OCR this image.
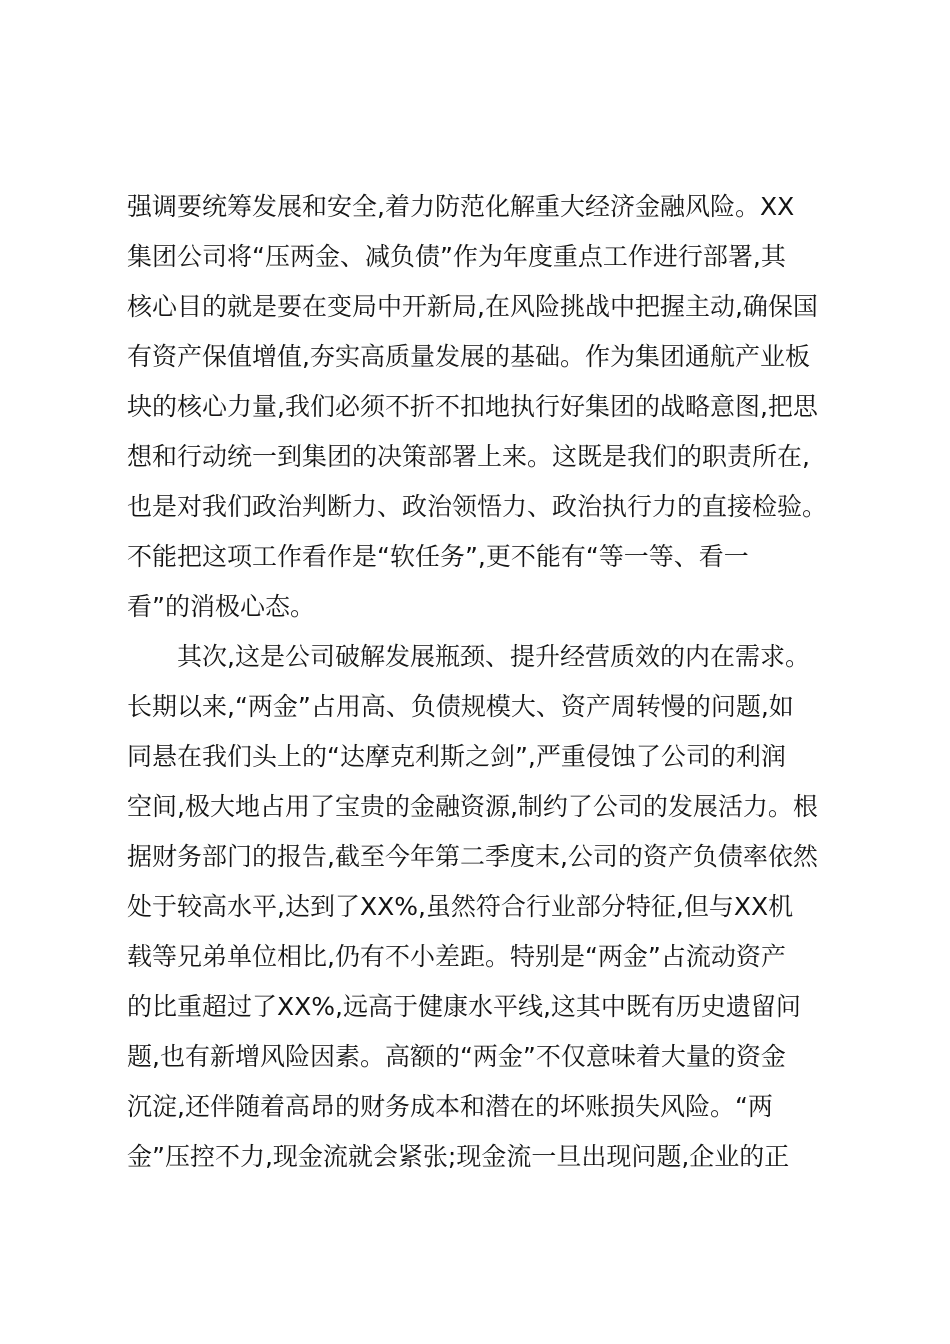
强调要统筹发展和安全,着力防范化解重大经济金融风险。XX
集团公司将“压两金、减负债”作为年度重点工作进行部署,其
核心目的就是要在变局中开新局,在风险挑战中把握主动,确保国
有资产保值增值,夯实高质量发展的基础。作为集团通航产业板
块的核心力量,我们必须不折不扣地执行好集团的战略意图,把思
想和行动统一到集团的决策部署上来。这既是我们的职责所在,
也是对我们政治判断力、政治领悟力、政治执行力的直接检验。
不能把这项工作看作是“软任务”,更不能有“等一等、看一
看”的消极心态。
　　其次,这是公司破解发展瓶颈、提升经营质效的内在需求。
长期以来,“两金”占用高、负债规模大、资产周转慢的问题,如
同悬在我们头上的“达摩克利斯之剑”,严重侵蚀了公司的利润
空间,极大地占用了宝贵的金融资源,制约了公司的发展活力。根
据财务部门的报告,截至今年第二季度末,公司的资产负债率依然
处于较高水平,达到了XX%,虽然符合行业部分特征,但与XX机
载等兄弟单位相比,仍有不小差距。特别是“两金”占流动资产
的比重超过了XX%,远高于健康水平线,这其中既有历史遗留问
题,也有新增风险因素。高额的“两金”不仅意味着大量的资金
沉淀,还伴随着高昂的财务成本和潜在的坏账损失风险。“两
金”压控不力,现金流就会紧张;现金流一旦出现问题,企业的正
